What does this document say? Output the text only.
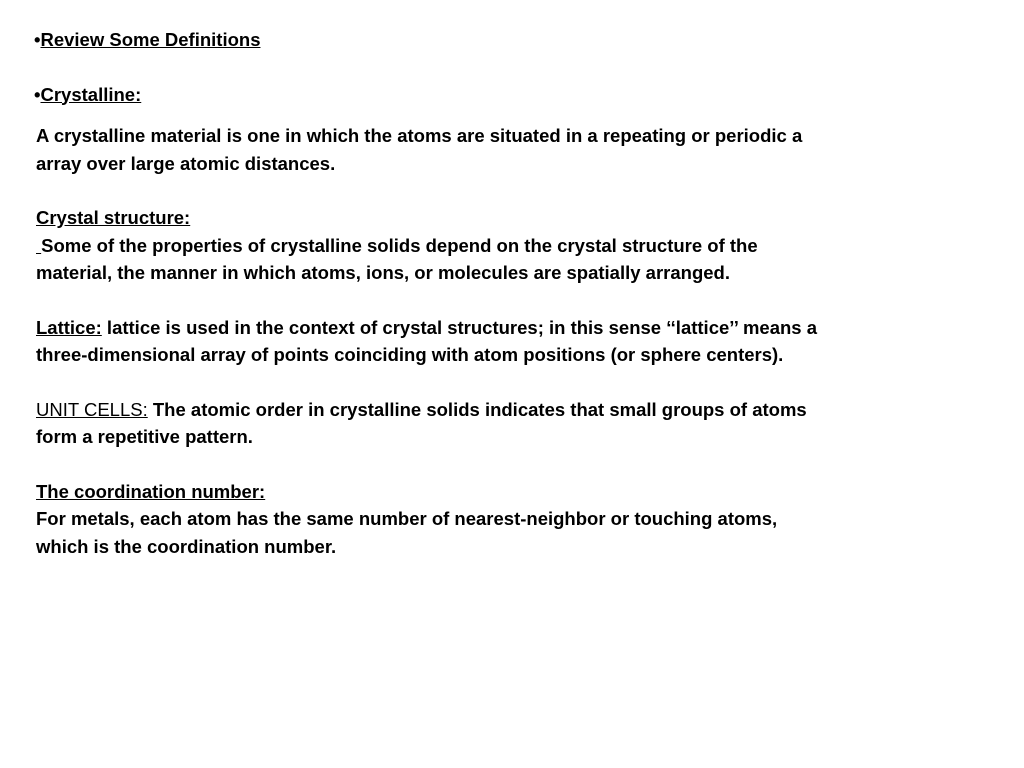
•Review Some Definitions
•Crystalline:
A crystalline material is one in which the atoms are situated in a repeating or periodic a
array over large atomic distances.
Crystal structure:
Some of the properties of crystalline solids depend on the crystal structure of the
material, the manner in which atoms, ions, or molecules are spatially arranged.
Lattice: lattice is used in the context of crystal structures; in this sense ‘‘lattice’’ means a
three-dimensional array of points coinciding with atom positions (or sphere centers).
UNIT CELLS: The atomic order in crystalline solids indicates that small groups of atoms
form a repetitive pattern.
The coordination number:
For metals, each atom has the same number of nearest-neighbor or touching atoms,
which is the coordination number.
